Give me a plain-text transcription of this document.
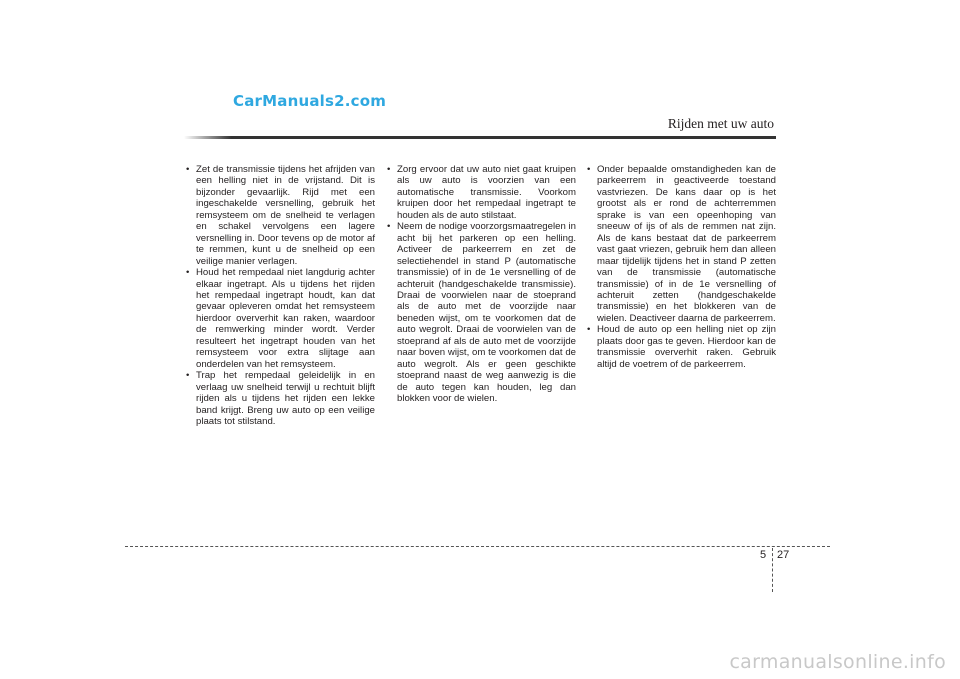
CarManuals2.com
Rijden met uw auto
• Zet de transmissie tijdens het afrijden van een helling niet in de vrijstand. Dit is bijzonder gevaarlijk. Rijd met een ingeschakelde versnelling, gebruik het remsysteem om de snelheid te verlagen en schakel vervolgens een lagere versnelling in. Door tevens op de motor af te remmen, kunt u de snelheid op een veilige manier verlagen.
• Houd het rempedaal niet langdurig achter elkaar ingetrapt. Als u tijdens het rijden het rempedaal ingetrapt houdt, kan dat gevaar opleveren omdat het remsysteem hierdoor oververhit kan raken, waardoor de remwerking minder wordt. Verder resulteert het ingetrapt houden van het remsysteem voor extra slijtage aan onderdelen van het remsysteem.
• Trap het rempedaal geleidelijk in en verlaag uw snelheid terwijl u rechtuit blijft rijden als u tijdens het rijden een lekke band krijgt. Breng uw auto op een veilige plaats tot stilstand.
• Zorg ervoor dat uw auto niet gaat kruipen als uw auto is voorzien van een automatische transmissie. Voorkom kruipen door het rempedaal ingetrapt te houden als de auto stilstaat.
• Neem de nodige voorzorgsmaatregelen in acht bij het parkeren op een helling. Activeer de parkeerrem en zet de selectiehendel in stand P (automatische transmissie) of in de 1e versnelling of de achteruit (handgeschakelde transmissie). Draai de voorwielen naar de stoeprand als de auto met de voorzijde naar beneden wijst, om te voorkomen dat de auto wegrolt. Draai de voorwielen van de stoeprand af als de auto met de voorzijde naar boven wijst, om te voorkomen dat de auto wegrolt. Als er geen geschikte stoeprand naast de weg aanwezig is die de auto tegen kan houden, leg dan blokken voor de wielen.
• Onder bepaalde omstandigheden kan de parkeerrem in geactiveerde toestand vastvriezen. De kans daar op is het grootst als er rond de achterremmen sprake is van een opeenhoping van sneeuw of ijs of als de remmen nat zijn. Als de kans bestaat dat de parkeerrem vast gaat vriezen, gebruik hem dan alleen maar tijdelijk tijdens het in stand P zetten van de transmissie (automatische transmissie) of in de 1e versnelling of achteruit zetten (handgeschakelde transmissie) en het blokkeren van de wielen. Deactiveer daarna de parkeerrem.
• Houd de auto op een helling niet op zijn plaats door gas te geven. Hierdoor kan de transmissie oververhit raken. Gebruik altijd de voetrem of de parkeerrem.
5 27
carmanualsonline.info
